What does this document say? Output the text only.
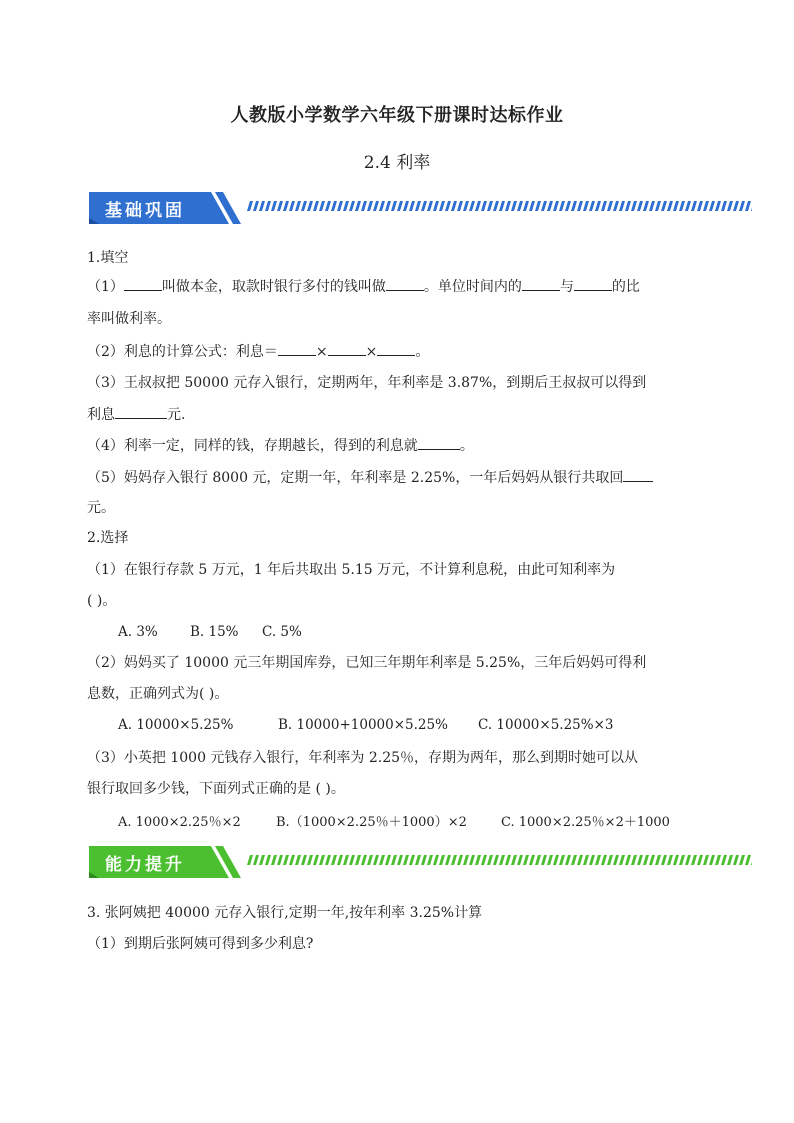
人教版小学数学六年级下册课时达标作业
2.4 利率
基础巩固
1.填空
（1）	叫做本金，取款时银行多付的钱叫做	。单位时间内的	与	的比
率叫做利率。
（2）利息的计算公式：利息＝	×	×	。
（3）王叔叔把 50000 元存入银行，定期两年，年利率是 3.87%，到期后王叔叔可以得到
利息	元.
（4）利率一定，同样的钱，存期越长，得到的利息就	。
（5）妈妈存入银行 8000 元，定期一年，年利率是 2.25%，一年后妈妈从银行共取回
元。
2.选择
（1）在银行存款 5 万元，1 年后共取出 5.15 万元，不计算利息税，由此可知利率为
( )。
A. 3% B. 15% C. 5%
（2）妈妈买了 10000 元三年期国库券，已知三年期年利率是 5.25%，三年后妈妈可得利
息数，正确列式为( )。
A. 10000×5.25%	B. 10000+10000×5.25% C. 10000×5.25%×3
（3）小英把 1000 元钱存入银行，年利率为 2.25％，存期为两年，那么到期时她可以从
银行取回多少钱，下面列式正确的是 ( )。
A. 1000×2.25％×2	B.（1000×2.25％＋1000）×2	C. 1000×2.25％×2＋1000
能力提升
3. 张阿姨把 40000 元存入银行,定期一年,按年利率 3.25%计算
（1）到期后张阿姨可得到多少利息?
